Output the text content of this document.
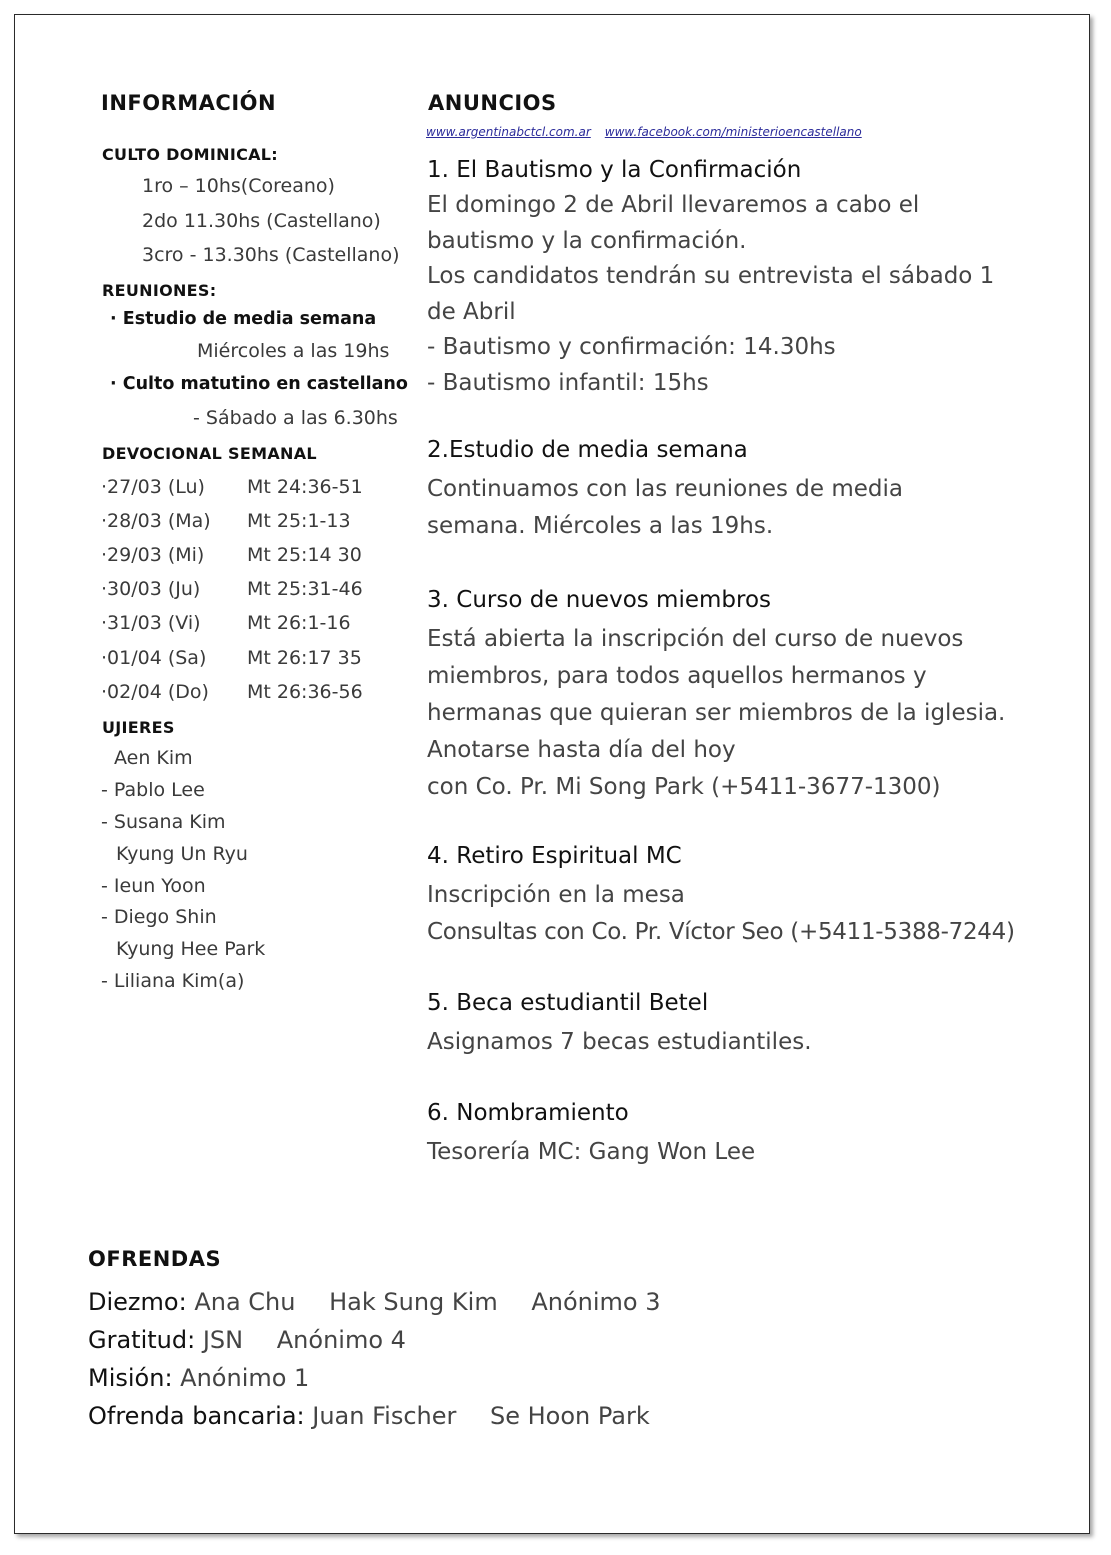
INFORMACIÓN
CULTO DOMINICAL:
1ro – 10hs(Coreano)
2do 11.30hs (Castellano)
3cro - 13.30hs (Castellano)
REUNIONES:
· Estudio de media semana
Miércoles a las 19hs
· Culto matutino en castellano
- Sábado a las 6.30hs
DEVOCIONAL SEMANAL
·27/03 (Lu) Mt 24:36-51
·28/03 (Ma) Mt 25:1-13
·29/03 (Mi) Mt 25:14 30
·30/03 (Ju) Mt 25:31-46
·31/03 (Vi) Mt 26:1-16
·01/04 (Sa) Mt 26:17 35
·02/04 (Do) Mt 26:36-56
UJIERES
Aen Kim
- Pablo Lee
- Susana Kim
Kyung Un Ryu
- Ieun Yoon
- Diego Shin
Kyung Hee Park
- Liliana Kim(a)
ANUNCIOS
www.argentinabctcl.com.ar www.facebook.com/ministerioencastellano
1. El Bautismo y la Confirmación
El domingo 2 de Abril llevaremos a cabo el
bautismo y la confirmación.
Los candidatos tendrán su entrevista el sábado 1
de Abril
- Bautismo y confirmación: 14.30hs
- Bautismo infantil: 15hs
2.Estudio de media semana
Continuamos con las reuniones de media
semana. Miércoles a las 19hs.
3. Curso de nuevos miembros
Está abierta la inscripción del curso de nuevos
miembros, para todos aquellos hermanos y
hermanas que quieran ser miembros de la iglesia.
Anotarse hasta día del hoy
con Co. Pr. Mi Song Park (+5411-3677-1300)
4. Retiro Espiritual MC
Inscripción en la mesa
Consultas con Co. Pr. Víctor Seo (+5411-5388-7244)
5. Beca estudiantil Betel
Asignamos 7 becas estudiantiles.
6. Nombramiento
Tesorería MC: Gang Won Lee
OFRENDAS
Diezmo: Ana Chu Hak Sung Kim Anónimo 3
Gratitud: JSN Anónimo 4
Misión: Anónimo 1
Ofrenda bancaria: Juan Fischer Se Hoon Park
